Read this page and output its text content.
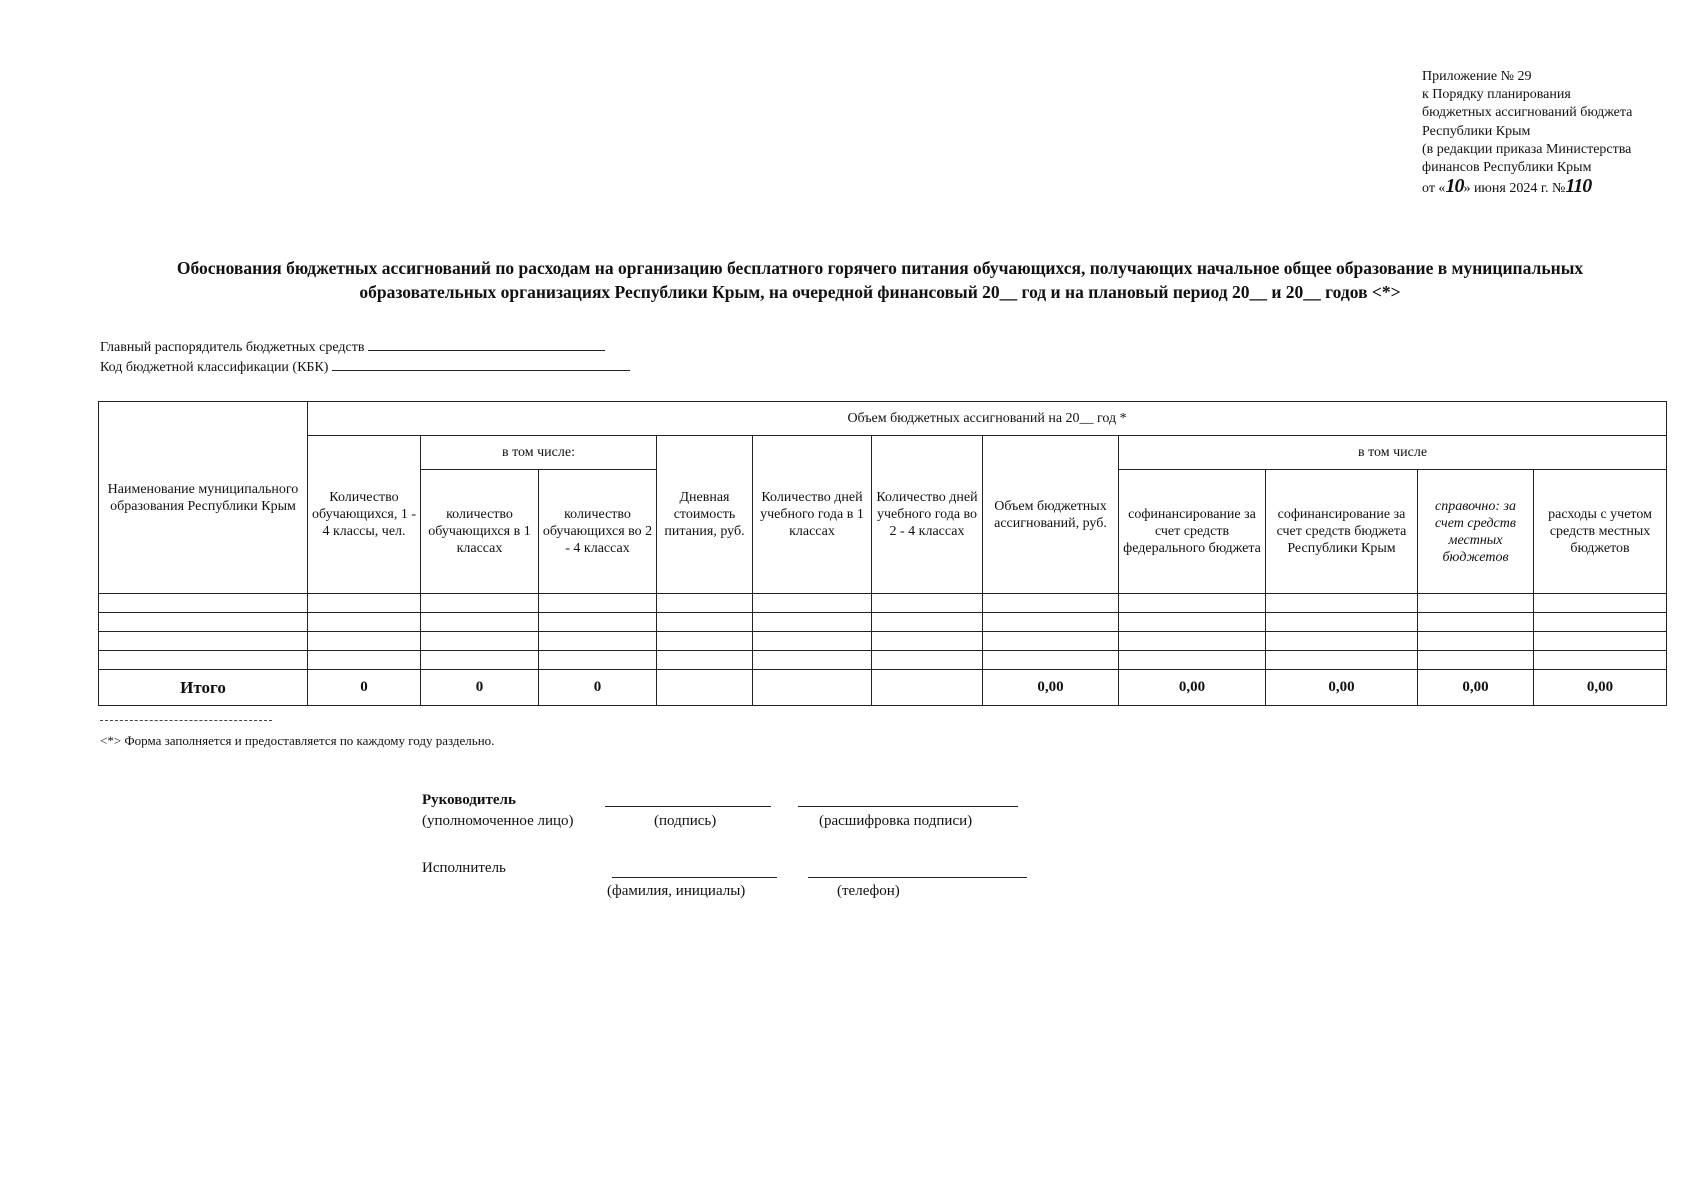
Приложение № 29
к Порядку планирования
бюджетных ассигнований бюджета
Республики Крым
(в редакции приказа Министерства
финансов Республики Крым
от «10» июня 2024 г. №110
Обоснования бюджетных ассигнований по расходам на организацию бесплатного горячего питания обучающихся, получающих начальное общее образование в муниципальных
образовательных организациях Республики Крым, на очередной финансовый 20__ год и на плановый период 20__ и 20__ годов <*>
Главный распорядитель бюджетных средств
Код бюджетной классификации (КБК)
Наименование муниципального образования Республики Крым	Объем бюджетных ассигнований на 20__ год *										
	Количество обучающихся, 1 - 4 классы, чел.	в том числе:		Дневная стоимость питания, руб.	Количество дней учебного года в 1 классах	Количество дней учебного года во 2 - 4 классах	Объем бюджетных ассигнований, руб.	в том числе			
		количество обучающихся в 1 классах	количество обучающихся во 2 - 4 классах					софинансирование за счет средств федерального бюджета	софинансирование за счет средств бюджета Республики Крым	справочно: за счет средств местных бюджетов	расходы с учетом средств местных бюджетов

Итого	0	0	0				0,00	0,00	0,00	0,00	0,00
<*> Форма заполняется и предоставляется по каждому году раздельно.
Руководитель
(уполномоченное лицо)	(подпись)	(расшифровка подписи)
Исполнитель
(фамилия, инициалы)	(телефон)
